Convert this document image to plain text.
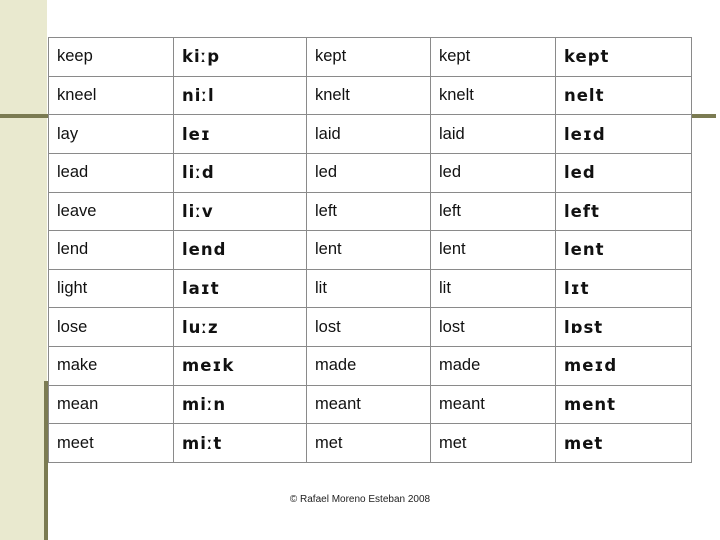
keep	kiːp	kept	kept	kept
kneel	niːl	knelt	knelt	nelt
lay	leɪ	laid	laid	leɪd
lead	liːd	led	led	led
leave	liːv	left	left	left
lend	lend	lent	lent	lent
light	laɪt	lit	lit	lɪt
lose	luːz	lost	lost	lɒst
make	meɪk	made	made	meɪd
mean	miːn	meant	meant	ment
meet	miːt	met	met	met
© Rafael Moreno Esteban 2008
